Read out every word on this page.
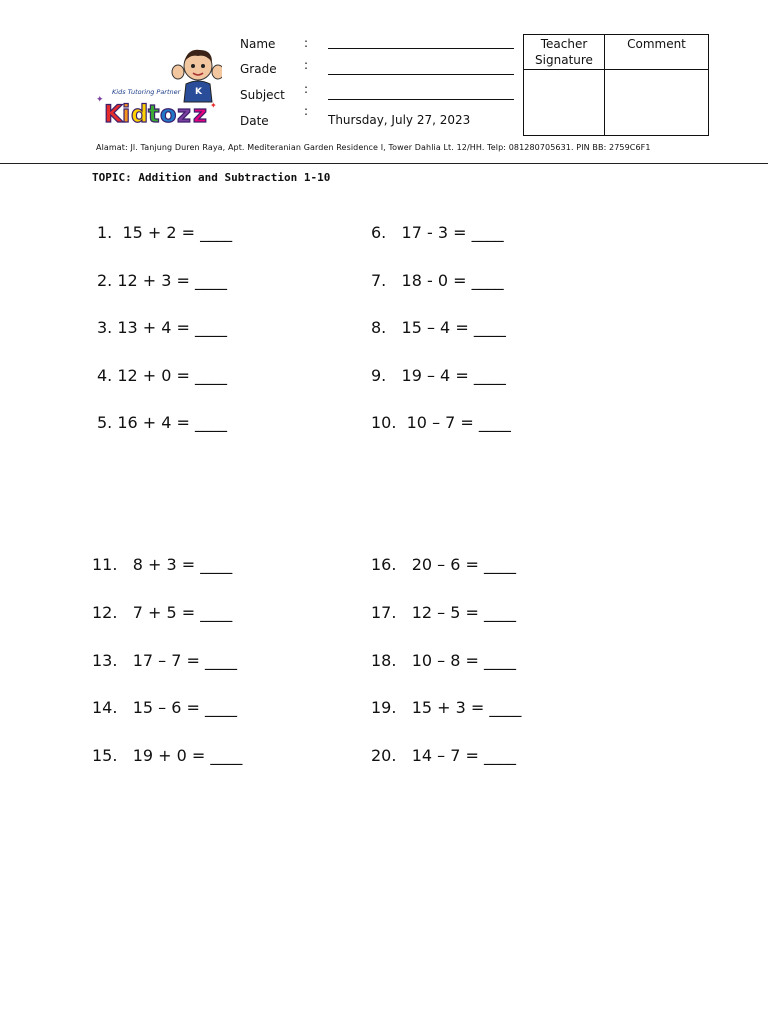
Kids Tutoring Partner
K i d t o z z
K
✦
✦
Name :
Grade :
Subject :
Date
:
Thursday, July 27, 2023
Teacher
Signature	Comment

Alamat: Jl. Tanjung Duren Raya, Apt. Mediteranian Garden Residence I, Tower Dahlia Lt. 12/HH. Telp: 081280705631. PIN BB: 2759C6F1
TOPIC: Addition and Subtraction 1-10
1.  15 + 2 = ____
2. 12 + 3 = ____
3. 13 + 4 = ____
4. 12 + 0 = ____
5. 16 + 4 = ____
6.   17 - 3 = ____
7.   18 - 0 = ____
8.   15 – 4 = ____
9.   19 – 4 = ____
10.  10 – 7 = ____
11.   8 + 3 = ____
12.   7 + 5 = ____
13.   17 – 7 = ____
14.   15 – 6 = ____
15.   19 + 0 = ____
16.   20 – 6 = ____
17.   12 – 5 = ____
18.   10 – 8 = ____
19.   15 + 3 = ____
20.   14 – 7 = ____
